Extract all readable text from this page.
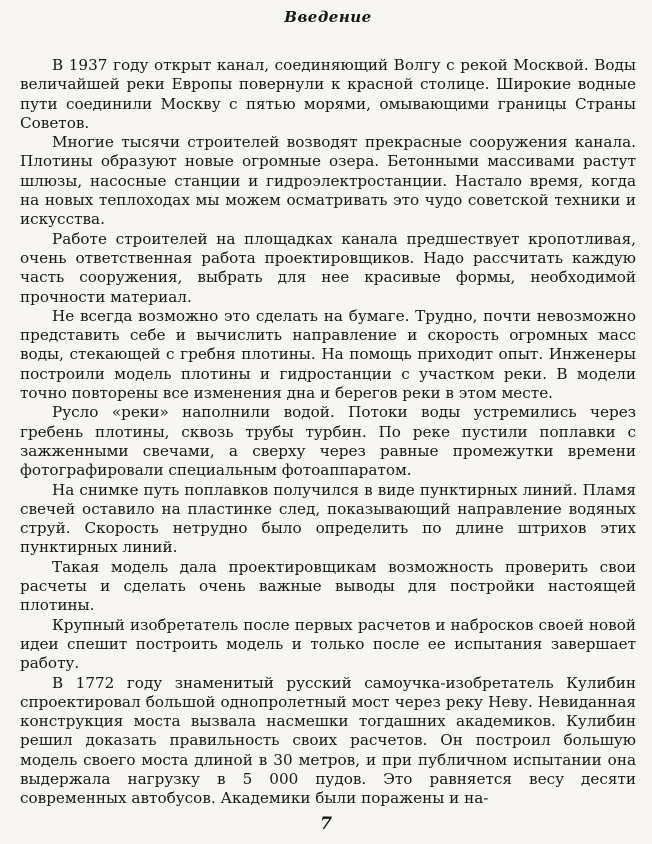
Введение

В 1937 году открыт канал, соединяющий Волгу с рекой Москвой. Воды величайшей реки Европы повернули к красной столице. Широкие водные пути соединили Москву с пятью морями, омывающими границы Страны Советов.

Многие тысячи строителей возводят прекрасные сооружения канала. Плотины образуют новые огромные озера. Бетонными массивами растут шлюзы, насосные станции и гидроэлектростанции. Настало время, когда на новых теплоходах мы можем осматривать это чудо советской техники и искусства.

Работе строителей на площадках канала предшествует кропотливая, очень ответственная работа проектировщиков. Надо рассчитать каждую часть сооружения, выбрать для нее красивые формы, необходимой прочности материал.

Не всегда возможно это сделать на бумаге. Трудно, почти невозможно представить себе и вычислить направление и скорость огромных масс воды, стекающей с гребня плотины. На помощь приходит опыт. Инженеры построили модель плотины и гидростанции с участком реки. В модели точно повторены все изменения дна и берегов реки в этом месте.

Русло «реки» наполнили водой. Потоки воды устремились через гребень плотины, сквозь трубы турбин. По реке пустили поплавки с зажженными свечами, а сверху через равные промежутки времени фотографировали специальным фотоаппаратом.

На снимке путь поплавков получился в виде пунктирных линий. Пламя свечей оставило на пластинке след, показывающий направление водяных струй. Скорость нетрудно было определить по длине штрихов этих пунктирных линий.

Такая модель дала проектировщикам возможность проверить свои расчеты и сделать очень важные выводы для постройки настоящей плотины.

Крупный изобретатель после первых расчетов и набросков своей новой идеи спешит построить модель и только после ее испытания завершает работу.

В 1772 году знаменитый русский самоучка-изобретатель Кулибин спроектировал большой однопролетный мост через реку Неву. Невиданная конструкция моста вызвала насмешки тогдашних академиков. Кулибин решил доказать правильность своих расчетов. Он построил большую модель своего моста длиной в 30 метров, и при публичном испытании она выдержала нагрузку в 5 000 пудов. Это равняется весу десяти современных автобусов. Академики были поражены и на-

7
